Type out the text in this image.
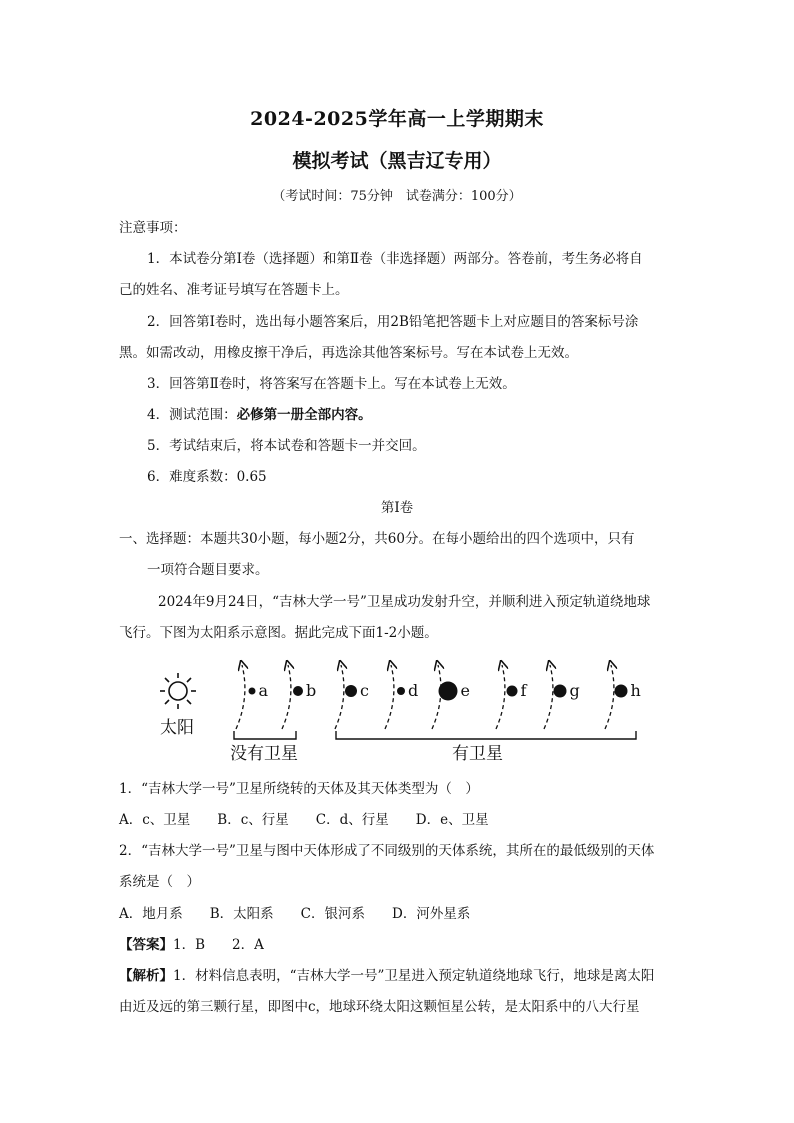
2024-2025学年高一上学期期末
模拟考试（黑吉辽专用）
（考试时间：75分钟　试卷满分：100分）
注意事项：
1．本试卷分第Ⅰ卷（选择题）和第Ⅱ卷（非选择题）两部分。答卷前，考生务必将自
己的姓名、准考证号填写在答题卡上。
2．回答第Ⅰ卷时，选出每小题答案后，用2B铅笔把答题卡上对应题目的答案标号涂
黑。如需改动，用橡皮擦干净后，再选涂其他答案标号。写在本试卷上无效。
3．回答第Ⅱ卷时，将答案写在答题卡上。写在本试卷上无效。
4．测试范围：必修第一册全部内容。
5．考试结束后，将本试卷和答题卡一并交回。
6．难度系数：0.65
第Ⅰ卷
一、选择题：本题共30小题，每小题2分，共60分。在每小题给出的四个选项中，只有
一项符合题目要求。
2024年9月24日，“吉林大学一号”卫星成功发射升空，并顺利进入预定轨道绕地球
飞行。下图为太阳系示意图。据此完成下面1-2小题。
太阳
a b	c d	e	f	g	h
没有卫星	有卫星
1．“吉林大学一号”卫星所绕转的天体及其天体类型为（　）
A．c、卫星　　B．c、行星　　C．d、行星　　D．e、卫星
2．“吉林大学一号”卫星与图中天体形成了不同级别的天体系统，其所在的最低级别的天体
系统是（　）
A．地月系　　B．太阳系　　C．银河系　　D．河外星系
【答案】1．B　　2．A
【解析】1．材料信息表明，“吉林大学一号”卫星进入预定轨道绕地球飞行，地球是离太阳
由近及远的第三颗行星，即图中c，地球环绕太阳这颗恒星公转，是太阳系中的八大行星
